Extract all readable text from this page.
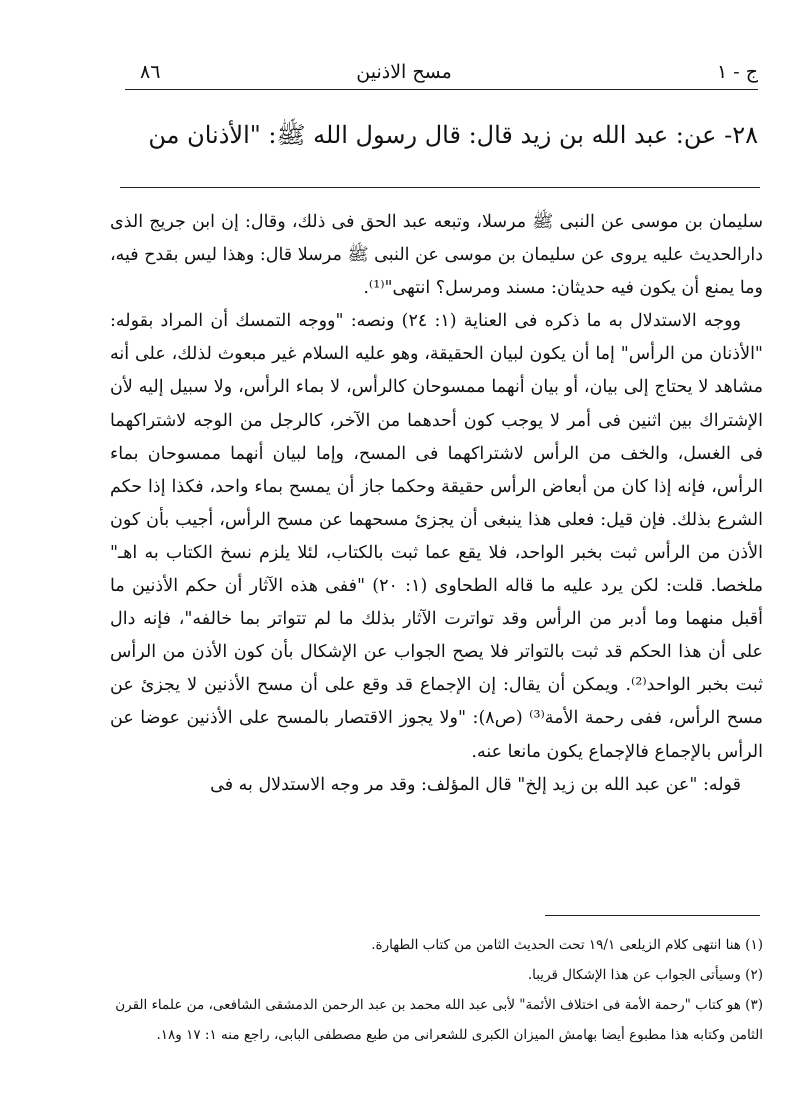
٨٦	مسح الاذنين	ج - ١
٢٨- عن: عبد الله بن زيد قال: قال رسول الله ﷺ: "الأذنان من

سليمان بن موسى عن النبى ﷺ مرسلا، وتبعه عبد الحق فى ذلك، وقال: إن ابن جريج الذى دارالحديث عليه يروى عن سليمان بن موسى عن النبى ﷺ مرسلا قال: وهذا ليس بقدح فيه، وما يمنع أن يكون فيه حديثان: مسند ومرسل؟ انتهى"⁽¹⁾.

ووجه الاستدلال به ما ذكره فى العناية (١: ٢٤) ونصه: "ووجه التمسك أن المراد بقوله: "الأذنان من الرأس" إما أن يكون لبيان الحقيقة، وهو عليه السلام غير مبعوث لذلك، على أنه مشاهد لا يحتاج إلى بيان، أو بيان أنهما ممسوحان كالرأس، لا بماء الرأس، ولا سبيل إليه لأن الإشتراك بين اثنين فى أمر لا يوجب كون أحدهما من الآخر، كالرجل من الوجه لاشتراكهما فى الغسل، والخف من الرأس لاشتراكهما فى المسح، وإما لبيان أنهما ممسوحان بماء الرأس، فإنه إذا كان من أبعاض الرأس حقيقة وحكما جاز أن يمسح بماء واحد، فكذا إذا حكم الشرع بذلك. فإن قيل: فعلى هذا ينبغى أن يجزئ مسحهما عن مسح الرأس، أجيب بأن كون الأذن من الرأس ثبت بخبر الواحد، فلا يقع عما ثبت بالكتاب، لئلا يلزم نسخ الكتاب به اهـ" ملخصا. قلت: لكن يرد عليه ما قاله الطحاوى (١: ٢٠) "ففى هذه الآثار أن حكم الأذنين ما أقبل منهما وما أدبر من الرأس وقد تواترت الآثار بذلك ما لم تتواتر بما خالفه"، فإنه دال على أن هذا الحكم قد ثبت بالتواتر فلا يصح الجواب عن الإشكال بأن كون الأذن من الرأس ثبت بخبر الواحد⁽²⁾. ويمكن أن يقال: إن الإجماع قد وقع على أن مسح الأذنين لا يجزئ عن مسح الرأس، ففى رحمة الأمة⁽³⁾ (ص٨): "ولا يجوز الاقتصار بالمسح على الأذنين عوضا عن الرأس بالإجماع فالإجماع يكون مانعا عنه.

قوله: "عن عبد الله بن زيد إلخ" قال المؤلف: وقد مر وجه الاستدلال به فى

(١) هنا انتهى كلام الزيلعى ١٩/١ تحت الحديث الثامن من كتاب الطهارة.

(٢) وسيأتى الجواب عن هذا الإشكال قريبا.

(٣) هو كتاب "رحمة الأمة فى اختلاف الأئمة" لأبى عبد الله محمد بن عبد الرحمن الدمشقى الشافعى، من علماء القرن الثامن وكتابه هذا مطبوع أيضا بهامش الميزان الكبرى للشعرانى من طبع مصطفى البابى، راجع منه ١: ١٧ و١٨.
